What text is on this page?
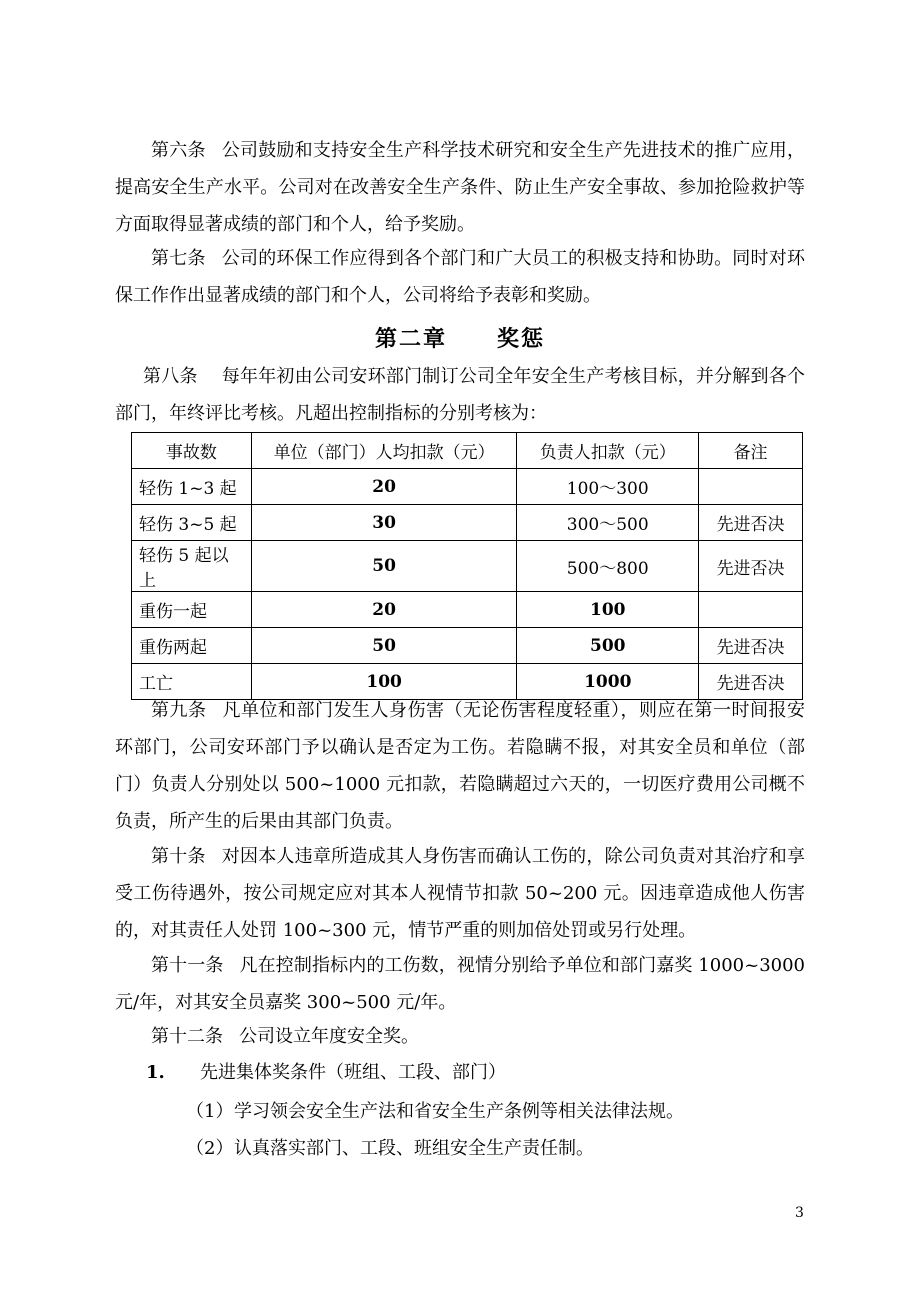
第六条 公司鼓励和支持安全生产科学技术研究和安全生产先进技术的推广应用，提高安全生产水平。公司对在改善安全生产条件、防止生产安全事故、参加抢险救护等方面取得显著成绩的部门和个人，给予奖励。

第七条 公司的环保工作应得到各个部门和广大员工的积极支持和协助。同时对环保工作作出显著成绩的部门和个人，公司将给予表彰和奖励。

第二章 奖惩

第八条 每年年初由公司安环部门制订公司全年安全生产考核目标，并分解到各个部门，年终评比考核。凡超出控制指标的分别考核为：

事故数	单位（部门）人均扣款（元）	负责人扣款（元）	备注
轻伤 1~3 起	20	100～300	
轻伤 3~5 起	30	300～500	先进否决
轻伤 5 起以上	50	500～800	先进否决
重伤一起	20	100	
重伤两起	50	500	先进否决
工亡	100	1000	先进否决

第九条 凡单位和部门发生人身伤害（无论伤害程度轻重），则应在第一时间报安环部门，公司安环部门予以确认是否定为工伤。若隐瞒不报，对其安全员和单位（部门）负责人分别处以 500~1000 元扣款，若隐瞒超过六天的，一切医疗费用公司概不负责，所产生的后果由其部门负责。

第十条 对因本人违章所造成其人身伤害而确认工伤的，除公司负责对其治疗和享受工伤待遇外，按公司规定应对其本人视情节扣款 50~200 元。因违章造成他人伤害的，对其责任人处罚 100~300 元，情节严重的则加倍处罚或另行处理。

第十一条 凡在控制指标内的工伤数，视情分别给予单位和部门嘉奖 1000~3000 元/年，对其安全员嘉奖 300~500 元/年。

第十二条 公司设立年度安全奖。

1. 先进集体奖条件（班组、工段、部门）
（1） 学习领会安全生产法和省安全生产条例等相关法律法规。
（2） 认真落实部门、工段、班组安全生产责任制。
3
